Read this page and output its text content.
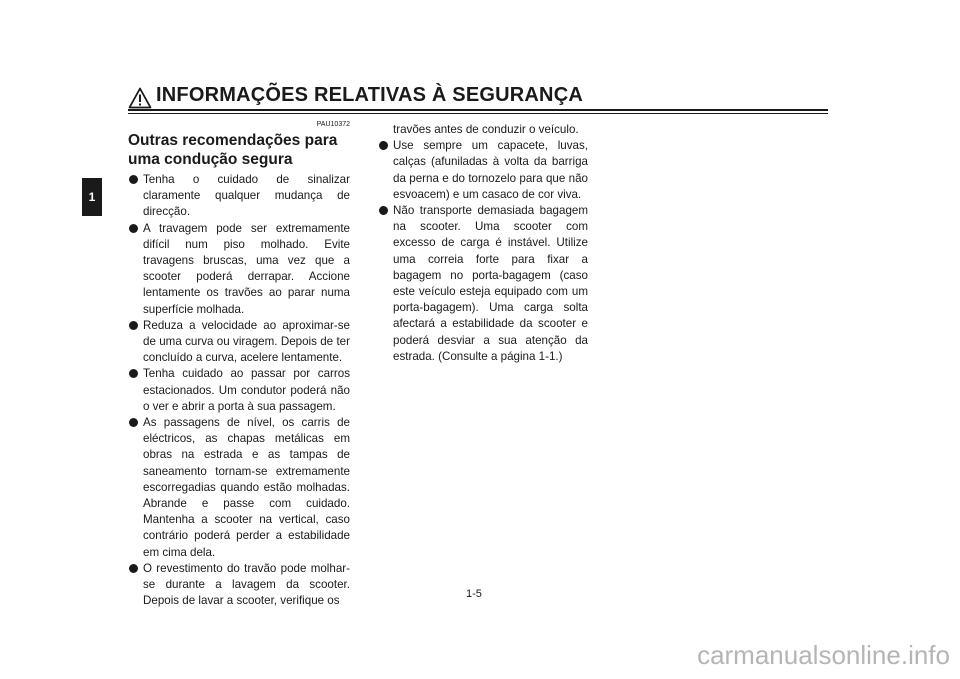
INFORMAÇÕES RELATIVAS À SEGURANÇA
1
PAU10372
Outras recomendações para
uma condução segura
Tenha o cuidado de sinalizar claramente qualquer mudança de direcção.
A travagem pode ser extremamente difícil num piso molhado. Evite travagens bruscas, uma vez que a scooter poderá derrapar. Accione lentamente os travões ao parar numa superfície molhada.
Reduza a velocidade ao aproximar-se de uma curva ou viragem. Depois de ter concluído a curva, acelere lentamente.
Tenha cuidado ao passar por carros estacionados. Um condutor poderá não o ver e abrir a porta à sua passagem.
As passagens de nível, os carris de eléctricos, as chapas metálicas em obras na estrada e as tampas de saneamento tornam-se extremamente escorregadias quando estão molhadas. Abrande e passe com cuidado. Mantenha a scooter na vertical, caso contrário poderá perder a estabilidade em cima dela.
O revestimento do travão pode molhar-se durante a lavagem da scooter. Depois de lavar a scooter, verifique os

travões antes de conduzir o veículo.

Use sempre um capacete, luvas, calças (afuniladas à volta da barriga da perna e do tornozelo para que não esvoacem) e um casaco de cor viva.
Não transporte demasiada bagagem na scooter. Uma scooter com excesso de carga é instável. Utilize uma correia forte para fixar a bagagem no porta-bagagem (caso este veículo esteja equipado com um porta-bagagem). Uma carga solta afectará a estabilidade da scooter e poderá desviar a sua atenção da estrada. (Consulte a página 1-1.)
1-5
carmanualsonline.info
